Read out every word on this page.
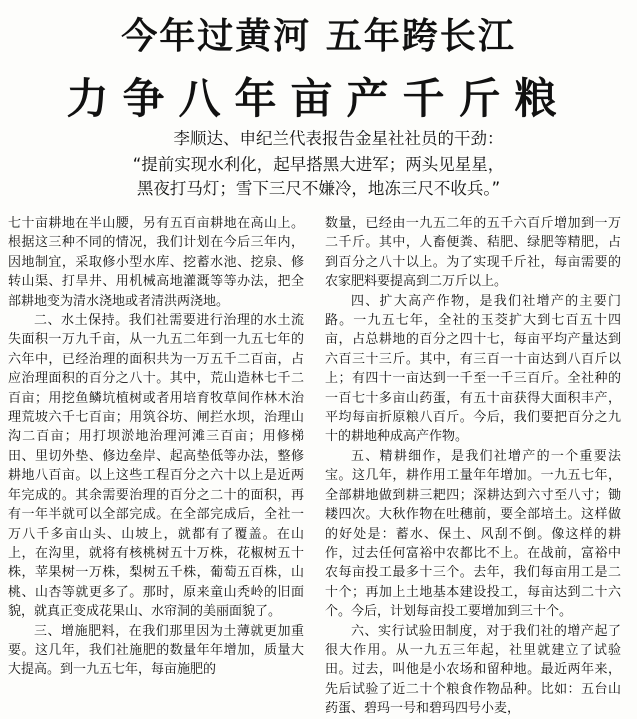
今年过黄河 五年跨长江
力争八年亩产千斤粮
李顺达、申纪兰代表报告金星社社员的干劲：
“提前实现水利化，起早搭黑大进军；两头见星星，
黑夜打马灯；雪下三尺不嫌冷，地冻三尺不收兵。”

七十亩耕地在半山腰，另有五百亩耕地在高山上。根据这三种不同的情况，我们计划在今后三年内，因地制宜，采取修小型水库、挖蓄水池、挖泉、修转山渠、打旱井、用机械高地灌溉等等办法，把全部耕地变为清水浇地或者清洪两浇地。

二、水土保持。我们社需要进行治理的水土流失面积一万九千亩，从一九五二年到一九五七年的六年中，已经治理的面积共为一万五千二百亩，占应治理面积的百分之八十。其中，荒山造林七千二百亩；用挖鱼鳞坑植树或者用培育牧草间作林木治理荒坡六千七百亩；用筑谷坊、闸拦水坝，治理山沟二百亩；用打坝淤地治理河滩三百亩；用修梯田、里切外垫、修边垒岸、起高垫低等办法，整修耕地八百亩。以上这些工程百分之六十以上是近两年完成的。其余需要治理的百分之二十的面积，再有一年半就可以全部完成。在全部完成后，全社一万八千多亩山头、山坡上，就都有了覆盖。在山上，在沟里，就将有核桃树五十万株，花椒树五十株，苹果树一万株，梨树五千株，葡萄五百株，山桃、山杏等就更多了。那时，原来童山秃岭的旧面貌，就真正变成花果山、水帘洞的美丽面貌了。

三、增施肥料，在我们那里因为土薄就更加重要。这几年，我们社施肥的数量年年增加，质量大大提高。到一九五七年，每亩施肥的

数量，已经由一九五二年的五千六百斤增加到一万二千斤。其中，人畜便粪、秸肥、绿肥等精肥，占到百分之八十以上。为了实现千斤社，每亩需要的农家肥料要提高到二万斤以上。

四、扩大高产作物，是我们社增产的主要门路。一九五七年，全社的玉茭扩大到七百五十四亩，占总耕地的百分之四十七，每亩平均产量达到六百三十三斤。其中，有三百一十亩达到八百斤以上；有四十一亩达到一千至一千三百斤。全社种的一百七十多亩山药蛋，有五十亩获得大面积丰产，平均每亩折原粮八百斤。今后，我们要把百分之九十的耕地种成高产作物。

五、精耕细作，是我们社增产的一个重要法宝。这几年，耕作用工量年年增加。一九五七年，全部耕地做到耕三耙四；深耕达到六寸至八寸；锄耧四次。大秋作物在吐穗前，要全部培土。这样做的好处是：蓄水、保土、风刮不倒。像这样的耕作，过去任何富裕中农都比不上。在战前，富裕中农每亩投工最多十三个。去年，我们每亩用工是二十个；再加上土地基本建设投工，每亩达到二十六个。今后，计划每亩投工要增加到三十个。

六、实行试验田制度，对于我们社的增产起了很大作用。从一九五三年起，社里就建立了试验田。过去，叫他是小农场和留种地。最近两年来，先后试验了近二十个粮食作物品种。比如：五台山药蛋、碧玛一号和碧玛四号小麦，
